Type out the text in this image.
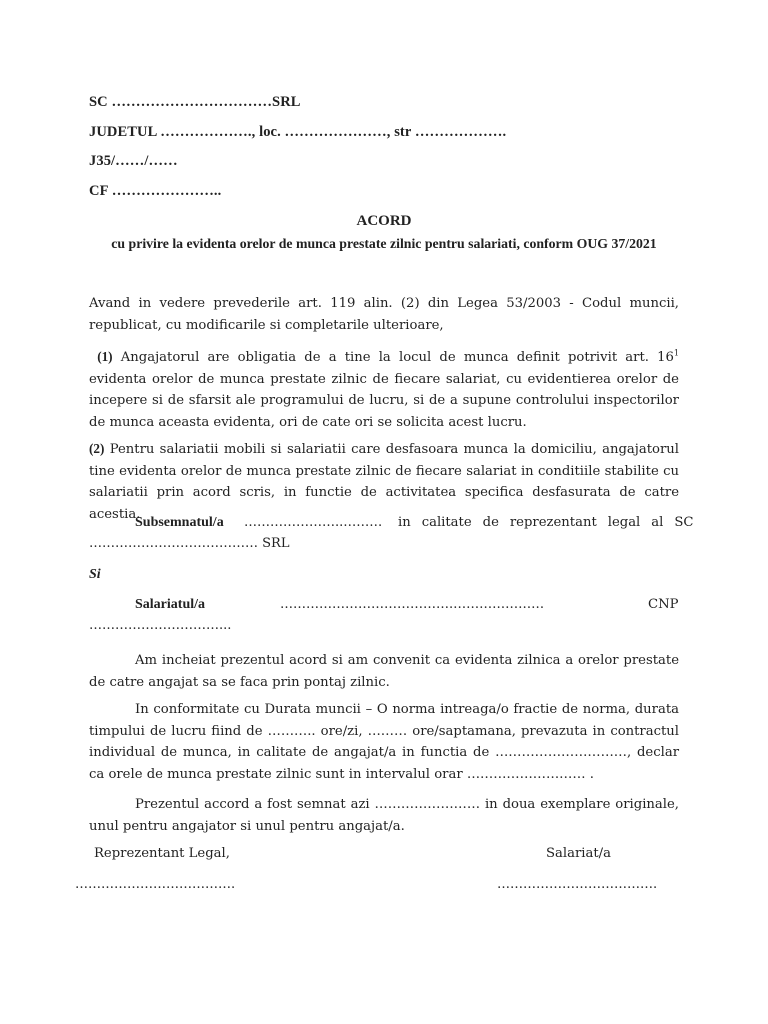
SC ……………………………SRL
JUDETUL ………………., loc. …………………, str ……………….
J35/……/……
CF …………………..
ACORD
cu privire la evidenta orelor de munca prestate zilnic pentru salariati, conform OUG 37/2021
Avand in vedere prevederile art. 119 alin. (2) din Legea 53/2003 - Codul muncii, republicat, cu modificarile si completarile ulterioare,
(1) Angajatorul are obligatia de a tine la locul de munca definit potrivit art. $16^1$ evidenta orelor de munca prestate zilnic de fiecare salariat, cu evidentierea orelor de incepere si de sfarsit ale programului de lucru, si de a supune controlului inspectorilor de munca aceasta evidenta, ori de cate ori se solicita acest lucru.
(2) Pentru salariatii mobili si salariatii care desfasoara munca la domiciliu, angajatorul tine evidenta orelor de munca prestate zilnic de fiecare salariat in conditiile stabilite cu salariatii prin acord scris, in functie de activitatea specifica desfasurata de catre acestia.
Subsemnatul/a …………………..……… in calitate de reprezentant legal al SC
………………………………… SRL
Si
Salariatul/a	………………………………….…………………	CNP
…………………………...
Am incheiat prezentul acord si am convenit ca evidenta zilnica a orelor prestate de catre angajat sa se faca prin pontaj zilnic.
In conformitate cu Durata muncii – O norma intreaga/o fractie de norma, durata timpului de lucru fiind de ……….. ore/zi, ……… ore/saptamana, prevazuta in contractul individual de munca, in calitate de angajat/a in functia de …………………………, declar ca orele de munca prestate zilnic sunt in intervalul orar ……………………… .
Prezentul accord a fost semnat azi …………………… in doua exemplare originale, unul pentru angajator si unul pentru angajat/a.
Reprezentant Legal,	Salariat/a
……………………………….	……………………………….
